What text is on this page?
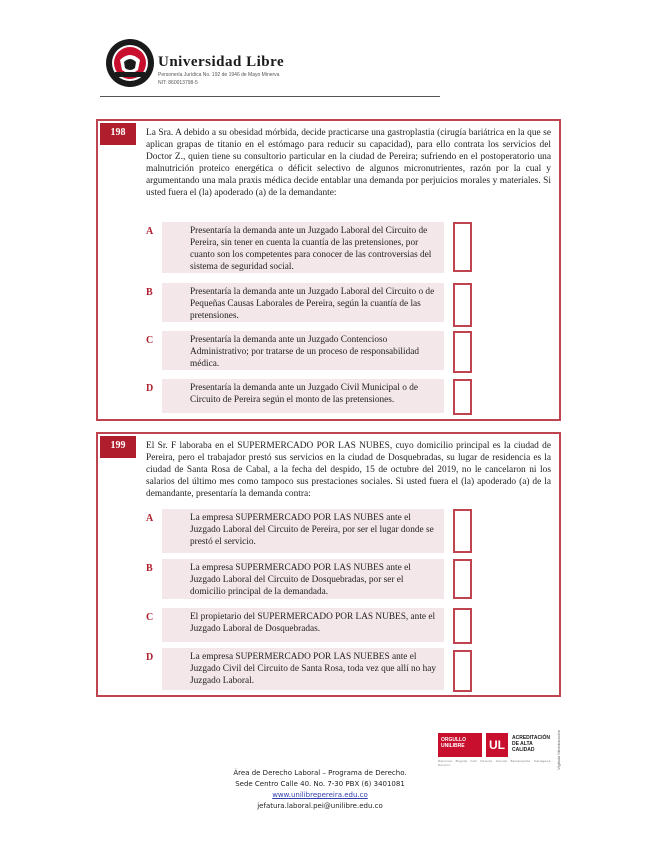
Universidad Libre
Personería Jurídica No. 192 de 1946 de Mayo Minerva
NIT: 860013798-5
198	La Sra. A debido a su obesidad mórbida, decide practicarse una gastroplastia (cirugía bariátrica en la que se aplican grapas de titanio en el estómago para reducir su capacidad), para ello contrata los servicios del Doctor Z., quien tiene su consultorio particular en la ciudad de Pereira; sufriendo en el postoperatorio una malnutrición proteico energética o déficit selectivo de algunos micronutrientes, razón por la cual y argumentando una mala praxis médica decide entablar una demanda por perjuicios morales y materiales. Si usted fuera el (la) apoderado (a) de la demandante:
A	Presentaría la demanda ante un Juzgado Laboral del Circuito de Pereira, sin tener en cuenta la cuantía de las pretensiones, por cuanto son los competentes para conocer de las controversias del sistema de seguridad social.
B	Presentaría la demanda ante un Juzgado Laboral del Circuito o de Pequeñas Causas Laborales de Pereira, según la cuantía de las pretensiones.
C	Presentaría la demanda ante un Juzgado Contencioso Administrativo; por tratarse de un proceso de responsabilidad médica.
D	Presentaría la demanda ante un Juzgado Civil Municipal o de Circuito de Pereira según el monto de las pretensiones.
199	El Sr. F laboraba en el SUPERMERCADO POR LAS NUBES, cuyo domicilio principal es la ciudad de Pereira, pero el trabajador prestó sus servicios en la ciudad de Dosquebradas, su lugar de residencia es la ciudad de Santa Rosa de Cabal, a la fecha del despido, 15 de octubre del 2019, no le cancelaron ni los salarios del último mes como tampoco sus prestaciones sociales. Si usted fuera el (la) apoderado (a) de la demandante, presentaría la demanda contra:
A	La empresa SUPERMERCADO POR LAS NUBES ante el Juzgado Laboral del Circuito de Pereira, por ser el lugar donde se prestó el servicio.
B	La empresa SUPERMERCADO POR LAS NUBES ante el Juzgado Laboral del Circuito de Dosquebradas, por ser el domicilio principal de la demandada.
C	El propietario del SUPERMERCADO POR LAS NUBES, ante el Juzgado Laboral de Dosquebradas.
D	La empresa SUPERMERCADO POR LAS NUEBES ante el Juzgado Civil del Circuito de Santa Rosa, toda vez que allí no hay Juzgado Laboral.
ORGULLO UNILIBRE	UL	ACREDITACIÓN
DE ALTA CALIDAD
Nacional · Bogotá · Cali · Pereira · Cúcuta · Barranquilla · Cartagena · Socorro	Vigilada Mineducación
Área de Derecho Laboral – Programa de Derecho.
Sede Centro Calle 40. No. 7-30 PBX (6) 3401081
www.unilibrepereira.edu.co
jefatura.laboral.pei@unilibre.edu.co
